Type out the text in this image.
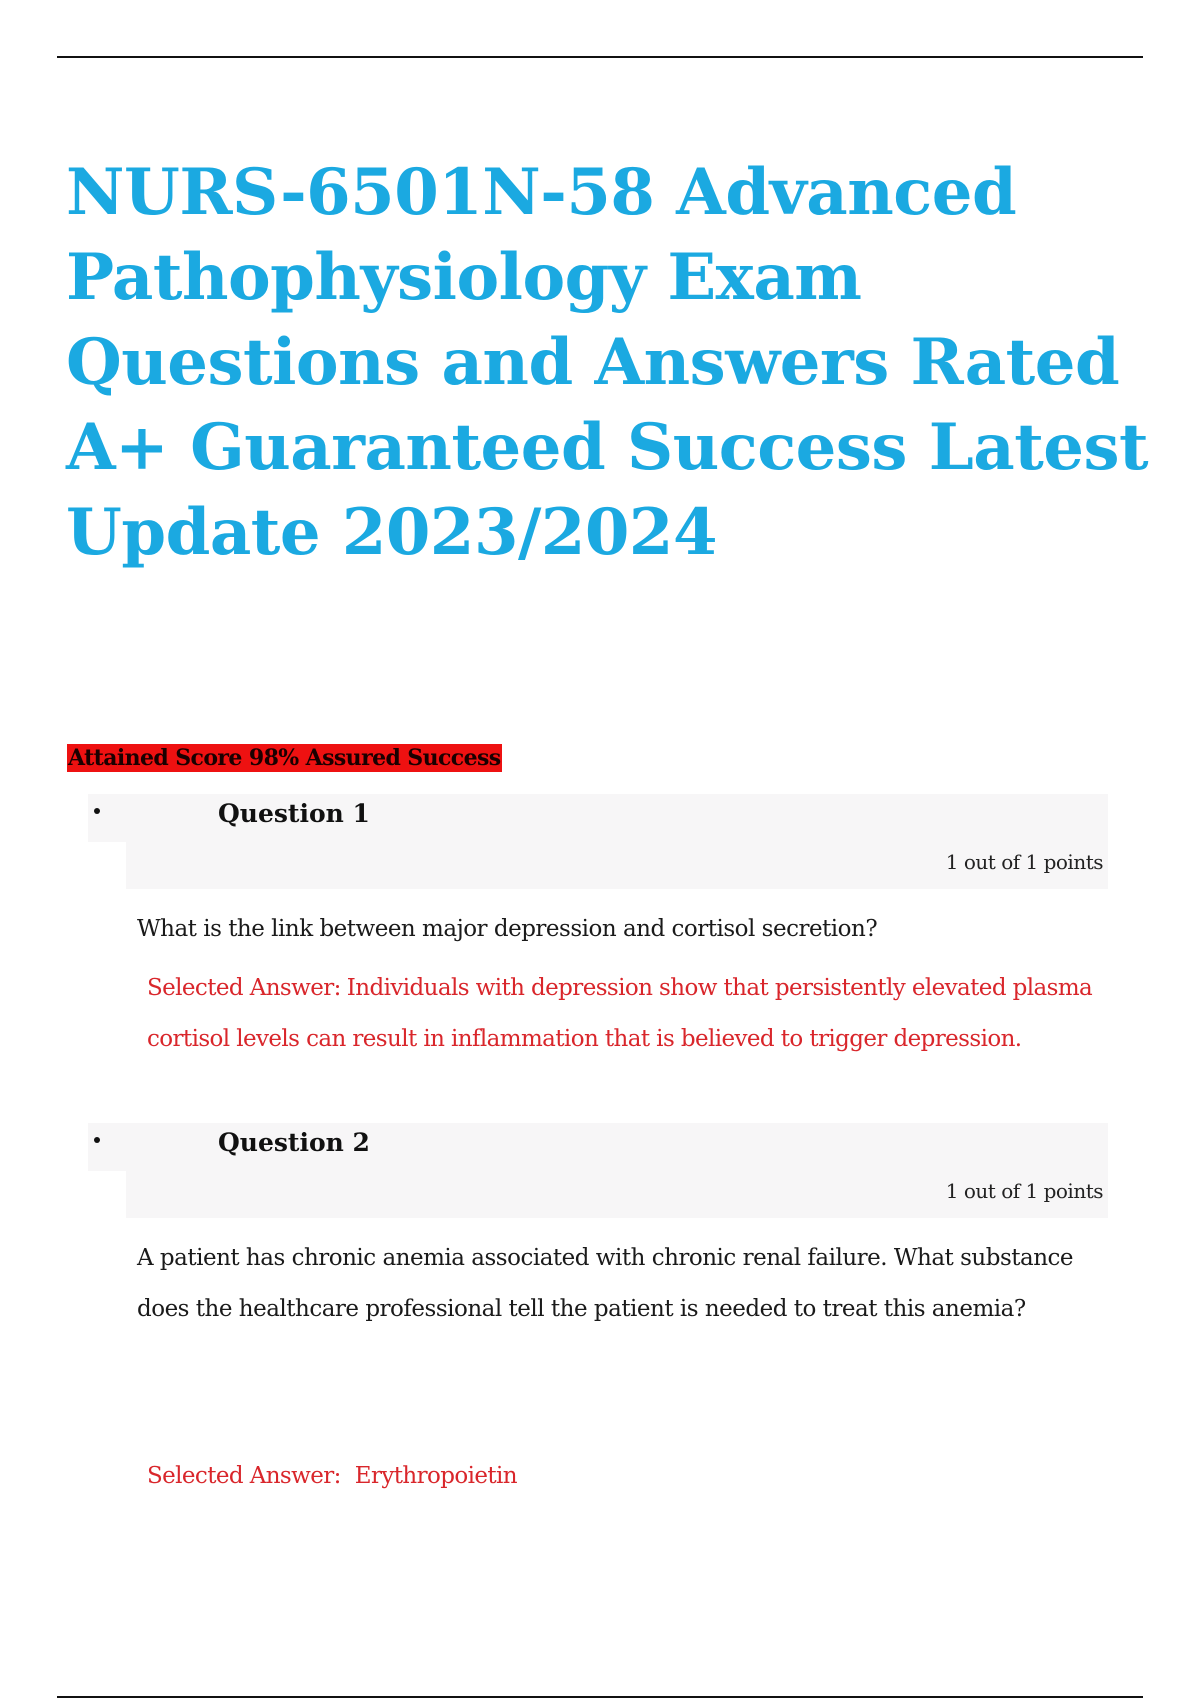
NURS-6501N-58 Advanced Pathophysiology Exam Questions and Answers Rated A+ Guaranteed Success Latest Update 2023/2024
Attained Score 98% Assured Success
Question 1
1 out of 1 points

What is the link between major depression and cortisol secretion?

Selected Answer: Individuals with depression show that persistently elevated plasma cortisol levels can result in inflammation that is believed to trigger depression.

Question 2
1 out of 1 points

A patient has chronic anemia associated with chronic renal failure. What substance does the healthcare professional tell the patient is needed to treat this anemia?

Selected Answer: Erythropoietin
